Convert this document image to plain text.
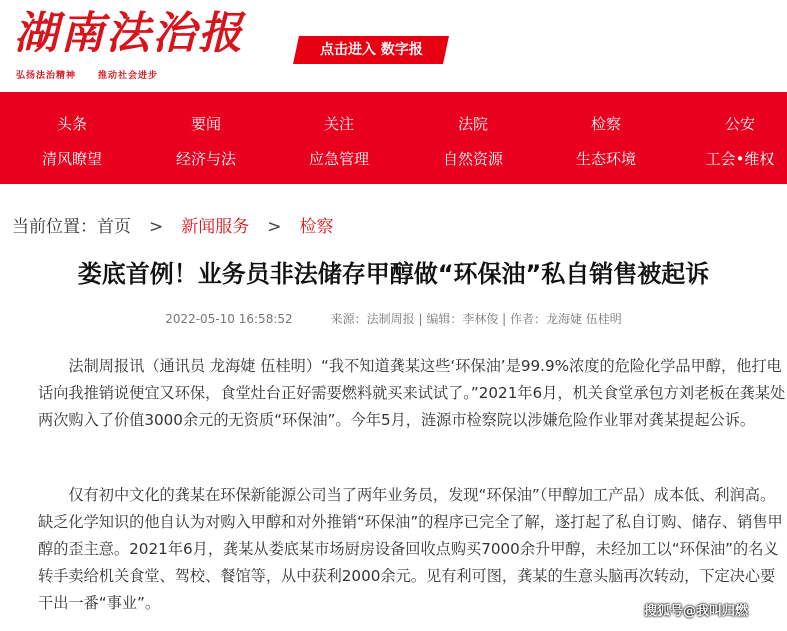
湖南法治报
弘扬法治精神 推动社会进步
点击进入 数字报
头条	要闻	关注	法院	检察	公安
清风瞭望	经济与法	应急管理	自然资源	生态环境	工会•维权
当前位置：首页 > 新闻服务 > 检察
娄底首例！业务员非法储存甲醇做“环保油”私自销售被起诉
2022-05-10 16:58:52	来源：法制周报 | 编辑：李林俊 | 作者：龙海婕 伍桂明
法制周报讯（通讯员 龙海婕 伍桂明）“我不知道龚某这些‘环保油’是99.9%浓度的危险化学品甲醇，他打电话向我推销说便宜又环保，食堂灶台正好需要燃料就买来试试了。”2021年6月，机关食堂承包方刘老板在龚某处两次购入了价值3000余元的无资质“环保油”。今年5月，涟源市检察院以涉嫌危险作业罪对龚某提起公诉。
仅有初中文化的龚某在环保新能源公司当了两年业务员，发现“环保油”（甲醇加工产品）成本低、利润高。缺乏化学知识的他自认为对购入甲醇和对外推销“环保油”的程序已完全了解，遂打起了私自订购、储存、销售甲醇的歪主意。2021年6月，龚某从娄底某市场厨房设备回收点购买7000余升甲醇，未经加工以“环保油”的名义转手卖给机关食堂、驾校、餐馆等，从中获利2000余元。见有利可图，龚某的生意头脑再次转动，下定决心要干出一番“事业”。	搜狐号@我叫归燃
